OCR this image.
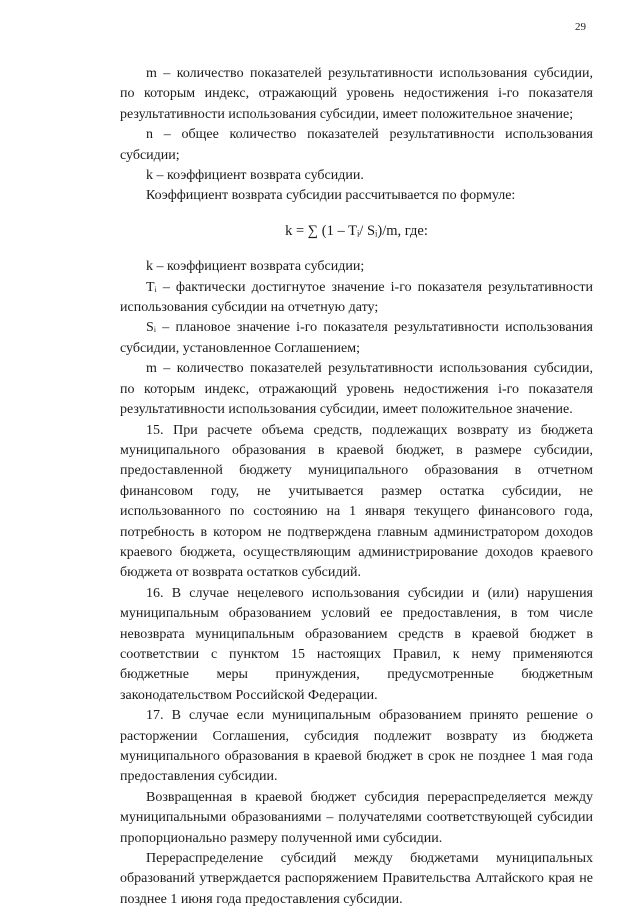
29

m – количество показателей результативности использования субсидии, по которым индекс, отражающий уровень недостижения i-го показателя результативности использования субсидии, имеет положительное значение;

n – общее количество показателей результативности использования субсидии;

k – коэффициент возврата субсидии.

Коэффициент возврата субсидии рассчитывается по формуле:

k = ∑ (1 – Tᵢ/ Sᵢ)/m, где:

k – коэффициент возврата субсидии;

Tᵢ – фактически достигнутое значение i-го показателя результативности использования субсидии на отчетную дату;

Sᵢ – плановое значение i-го показателя результативности использования субсидии, установленное Соглашением;

m – количество показателей результативности использования субсидии, по которым индекс, отражающий уровень недостижения i-го показателя результативности использования субсидии, имеет положительное значение.

15. При расчете объема средств, подлежащих возврату из бюджета муниципального образования в краевой бюджет, в размере субсидии, предоставленной бюджету муниципального образования в отчетном финансовом году, не учитывается размер остатка субсидии, не использованного по состоянию на 1 января текущего финансового года, потребность в котором не подтверждена главным администратором доходов краевого бюджета, осуществляющим администрирование доходов краевого бюджета от возврата остатков субсидий.

16. В случае нецелевого использования субсидии и (или) нарушения муниципальным образованием условий ее предоставления, в том числе невозврата муниципальным образованием средств в краевой бюджет в соответствии с пунктом 15 настоящих Правил, к нему применяются бюджетные меры принуждения, предусмотренные бюджетным законодательством Российской Федерации.

17. В случае если муниципальным образованием принято решение о расторжении Соглашения, субсидия подлежит возврату из бюджета муниципального образования в краевой бюджет в срок не позднее 1 мая года предоставления субсидии.

Возвращенная в краевой бюджет субсидия перераспределяется между муниципальными образованиями – получателями соответствующей субсидии пропорционально размеру полученной ими субсидии.

Перераспределение субсидий между бюджетами муниципальных образований утверждается распоряжением Правительства Алтайского края не позднее 1 июня года предоставления субсидии.
